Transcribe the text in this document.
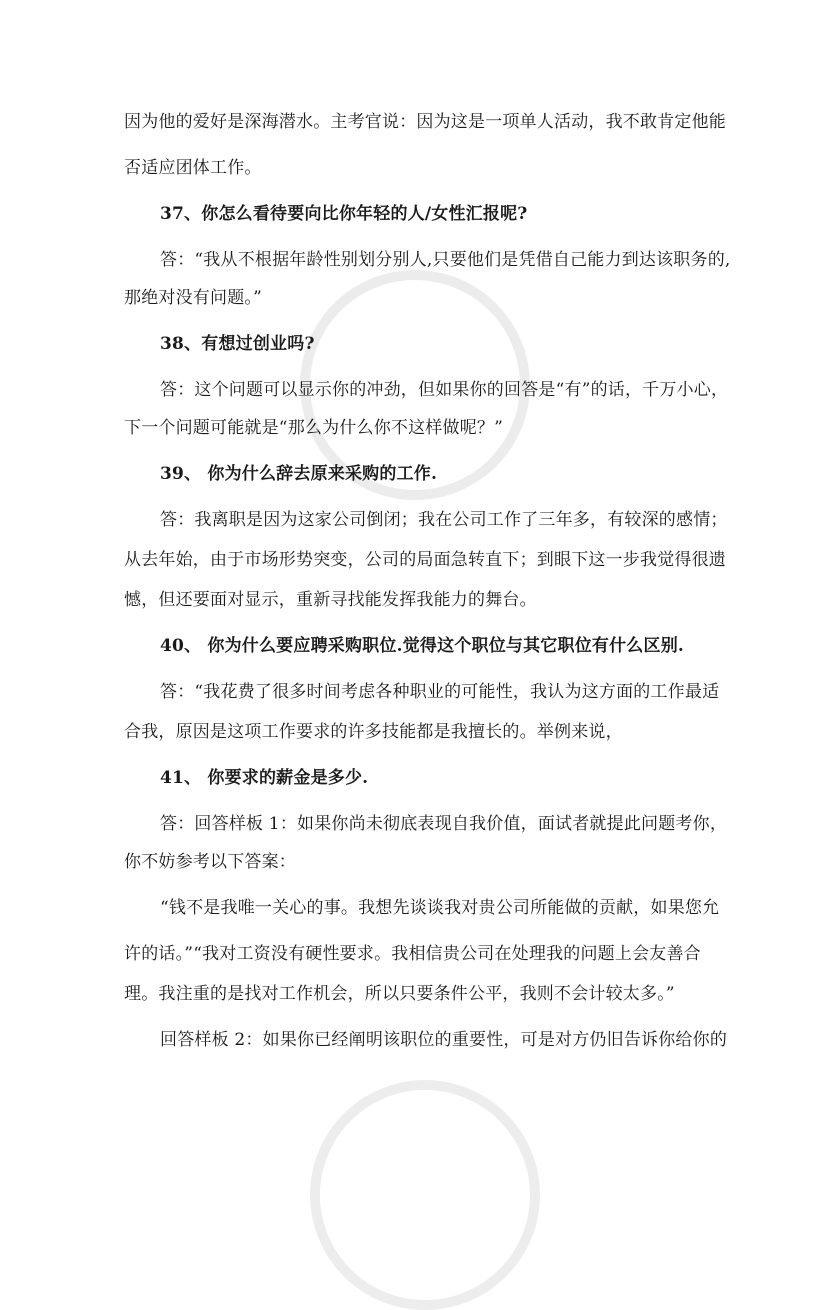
因为他的爱好是深海潜水。主考官说：因为这是一项单人活动，我不敢肯定他能
否适应团体工作。
37、你怎么看待要向比你年轻的人/女性汇报呢?
答：“我从不根据年龄性别划分别人,只要他们是凭借自己能力到达该职务的,
那绝对没有问题。”
38、有想过创业吗?
答：这个问题可以显示你的冲劲，但如果你的回答是“有”的话，千万小心，
下一个问题可能就是“那么为什么你不这样做呢？”
39、 你为什么辞去原来采购的工作.
答：我离职是因为这家公司倒闭；我在公司工作了三年多，有较深的感情；
从去年始，由于市场形势突变，公司的局面急转直下；到眼下这一步我觉得很遗
憾，但还要面对显示，重新寻找能发挥我能力的舞台。
40、 你为什么要应聘采购职位.觉得这个职位与其它职位有什么区别.
答：“我花费了很多时间考虑各种职业的可能性，我认为这方面的工作最适
合我，原因是这项工作要求的许多技能都是我擅长的。举例来说，
41、 你要求的薪金是多少.
答：回答样板 1：如果你尚未彻底表现自我价值，面试者就提此问题考你，
你不妨参考以下答案：
“钱不是我唯一关心的事。我想先谈谈我对贵公司所能做的贡献，如果您允
许的话。”“我对工资没有硬性要求。我相信贵公司在处理我的问题上会友善合
理。我注重的是找对工作机会，所以只要条件公平，我则不会计较太多。”
回答样板 2：如果你已经阐明该职位的重要性，可是对方仍旧告诉你给你的
